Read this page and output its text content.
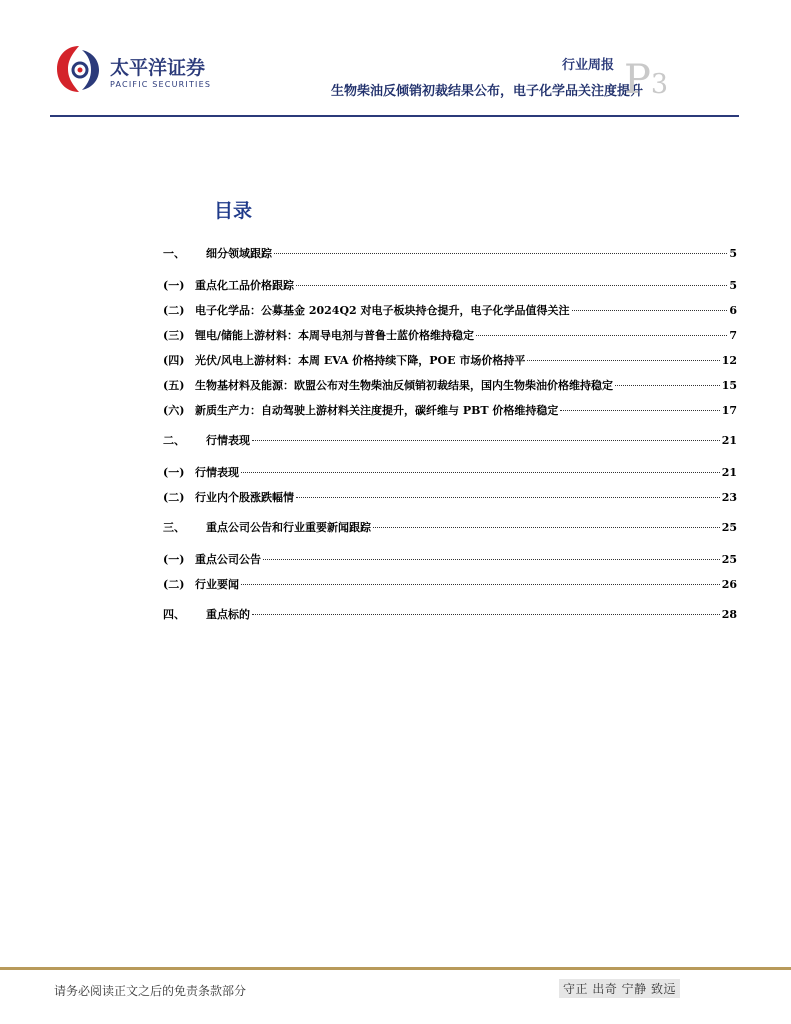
太平洋证券
PACIFIC SECURITIES
行业周报
生物柴油反倾销初裁结果公布，电子化学品关注度提升
P3
目录
一、	细分领域跟踪	5
(一) 重点化工品价格跟踪	5
(二) 电子化学品：公募基金 2024Q2 对电子板块持仓提升，电子化学品值得关注	6
(三) 锂电/储能上游材料：本周导电剂与普鲁士蓝价格维持稳定	7
(四) 光伏/风电上游材料：本周 EVA 价格持续下降，POE 市场价格持平	12
(五) 生物基材料及能源：欧盟公布对生物柴油反倾销初裁结果，国内生物柴油价格维持稳定	15
(六) 新质生产力：自动驾驶上游材料关注度提升，碳纤维与 PBT 价格维持稳定	17
二、	行情表现	21
(一) 行情表现	21
(二) 行业内个股涨跌幅情	23
三、	重点公司公告和行业重要新闻跟踪	25
(一) 重点公司公告	25
(二) 行业要闻	26
四、	重点标的	28
请务必阅读正文之后的免责条款部分	守正 出奇 宁静 致远
